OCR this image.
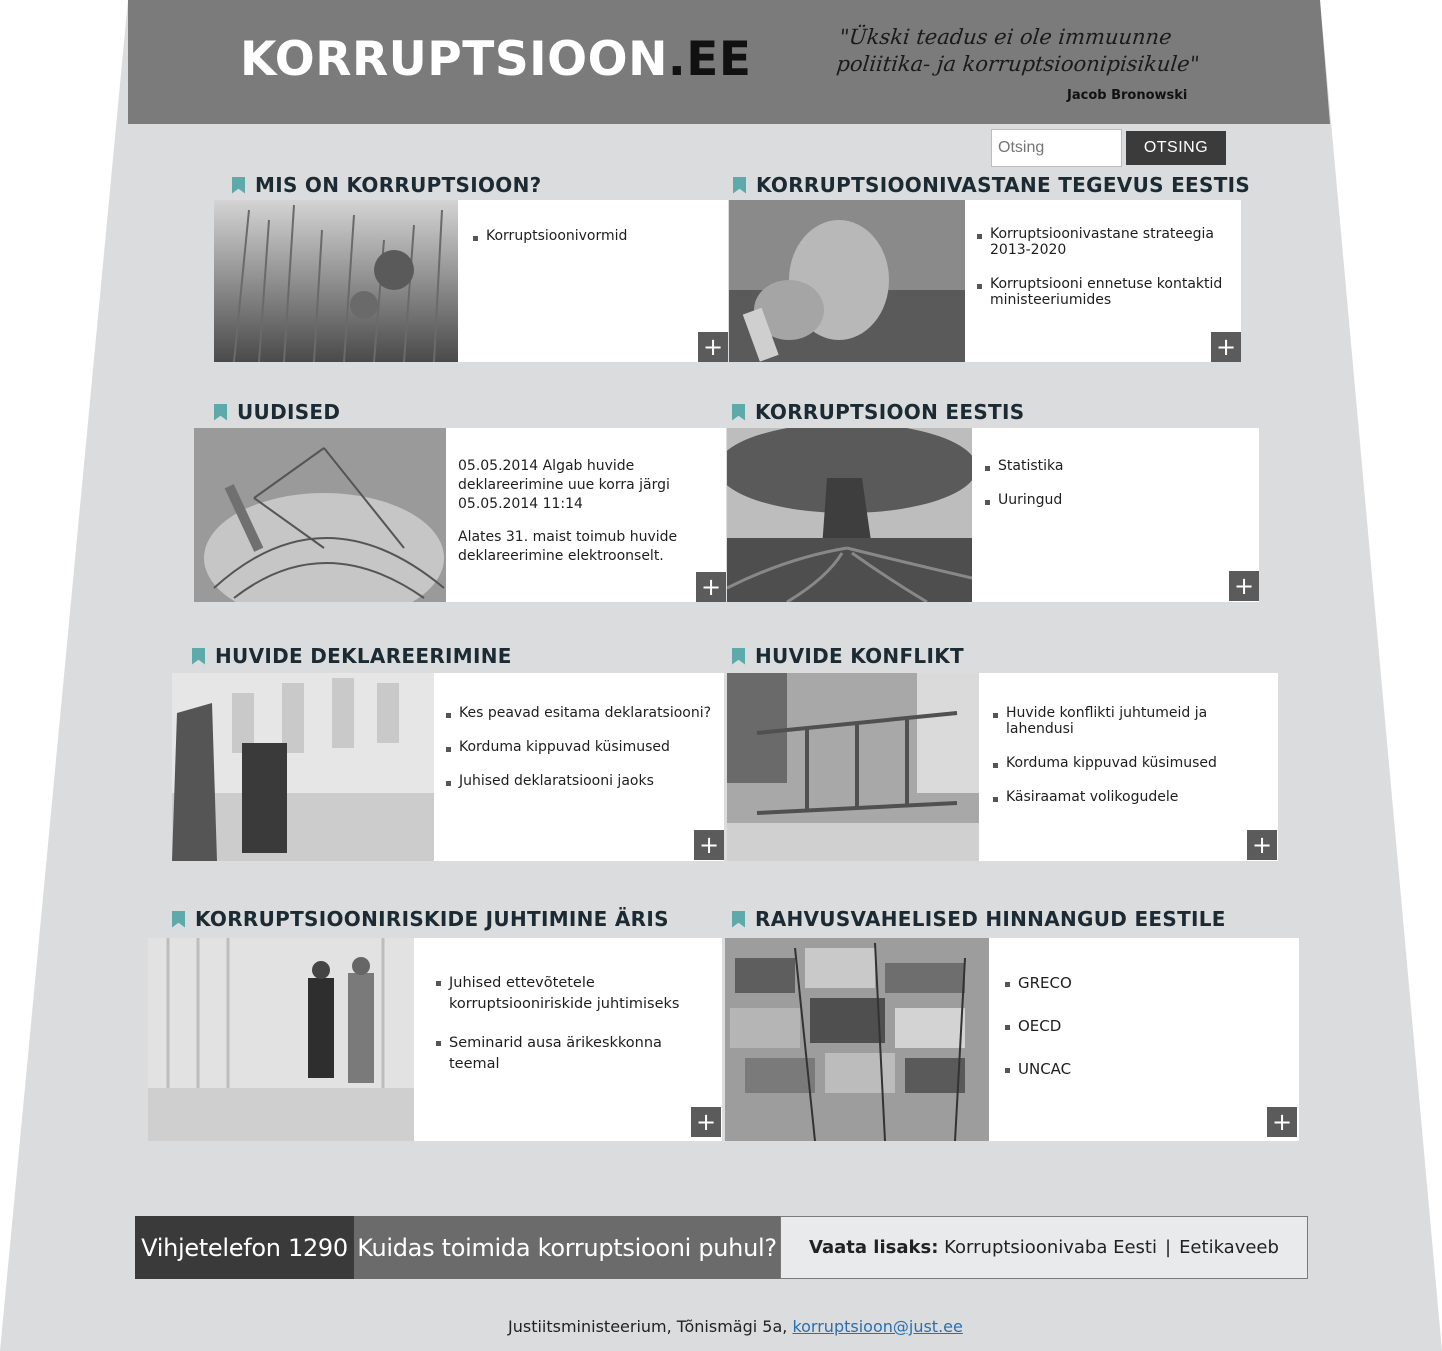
KORRUPTSIOON.EE	"Ükski teadus ei ole immuunne
poliitika- ja korruptsioonipisikule"
Jacob Bronowski
Otsing
OTSING
MIS ON KORRUPTSIOON?
Korruptsioonivormid
+
KORRUPTSIOONIVASTANE TEGEVUS EESTIS
Korruptsioonivastane strateegia 2013-2020
Korruptsiooni ennetuse kontaktid ministeeriumides
+
UUDISED
05.05.2014 Algab huvide deklareerimine uue korra järgi
05.05.2014 11:14
Alates 31. maist toimub huvide deklareerimine elektroonselt.
+
KORRUPTSIOON EESTIS
Statistika
Uuringud
+
HUVIDE DEKLAREERIMINE
Kes peavad esitama deklaratsiooni?
Korduma kippuvad küsimused
Juhised deklaratsiooni jaoks
+
HUVIDE KONFLIKT
Huvide konflikti juhtumeid ja lahendusi
Korduma kippuvad küsimused
Käsiraamat volikogudele
+
KORRUPTSIOONIRISKIDE JUHTIMINE ÄRIS
Juhised ettevõtetele korruptsiooniriskide juhtimiseks
Seminarid ausa ärikeskkonna teemal
+
RAHVUSVAHELISED HINNANGUD EESTILE
GRECO
OECD
UNCAC
+
Vihjetelefon 1290 Kuidas toimida korruptsiooni puhul? Vaata lisaks:
Korruptsioonivaba Eesti | Eetikaveeb
Justiitsministeerium, Tõnismägi 5a, korruptsioon@just.ee
